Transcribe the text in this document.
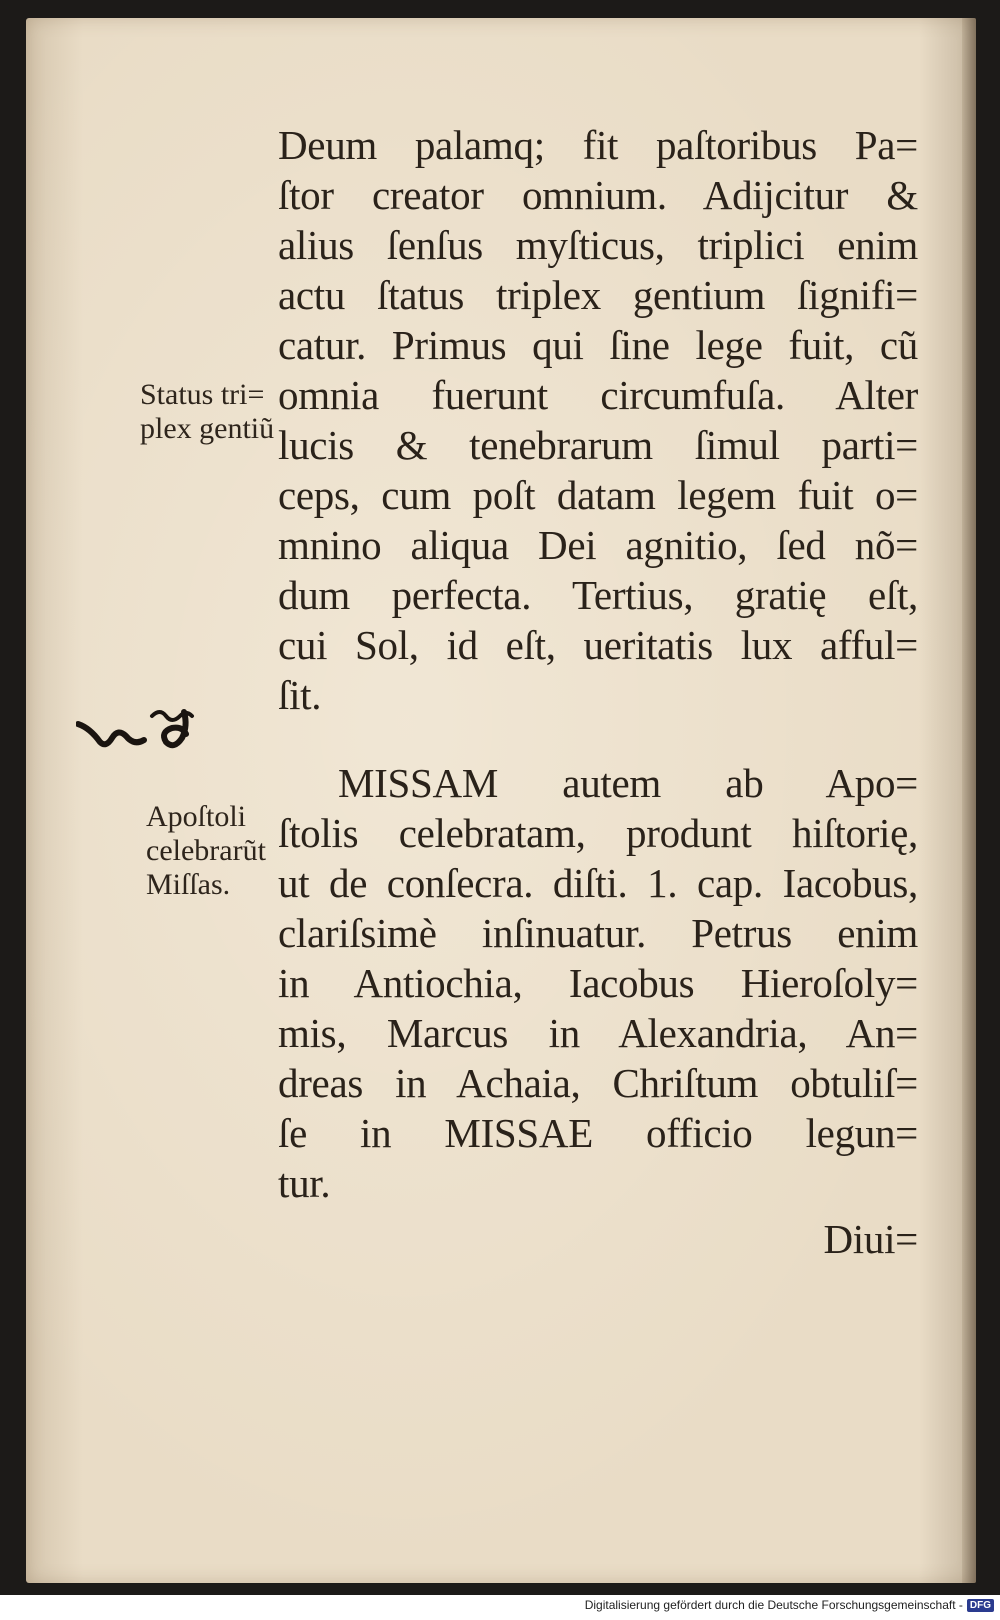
Status tri=
plex gentiũ
Apoſtoli
celebrarũt
Miſſas.
Deum palamq; fit paſtoribus Pa=
ſtor creator omnium. Adijcitur &
alius ſenſus myſticus, triplici enim
actu ſtatus triplex gentium ſignifi=
catur. Primus qui ſine lege fuit, cũ
omnia fuerunt circumfuſa. Alter
lucis & tenebrarum ſimul parti=
ceps, cum poſt datam legem fuit o=
mnino aliqua Dei agnitio, ſed nõ=
dum perfecta. Tertius, gratię eſt,
cui Sol, id eſt, ueritatis lux afful=
ſit.
MISSAM autem ab Apo=
ſtolis celebratam, produnt hiſtorię,
ut de conſecra. diſti. 1. cap. Iacobus,
clariſsimè inſinuatur. Petrus enim
in Antiochia, Iacobus Hieroſoly=
mis, Marcus in Alexandria, An=
dreas in Achaia, Chriſtum obtuliſ=
ſe in MISSAE officio legun=
tur.
Diui=
Digitalisierung gefördert durch die Deutsche Forschungsgemeinschaft - DFG
